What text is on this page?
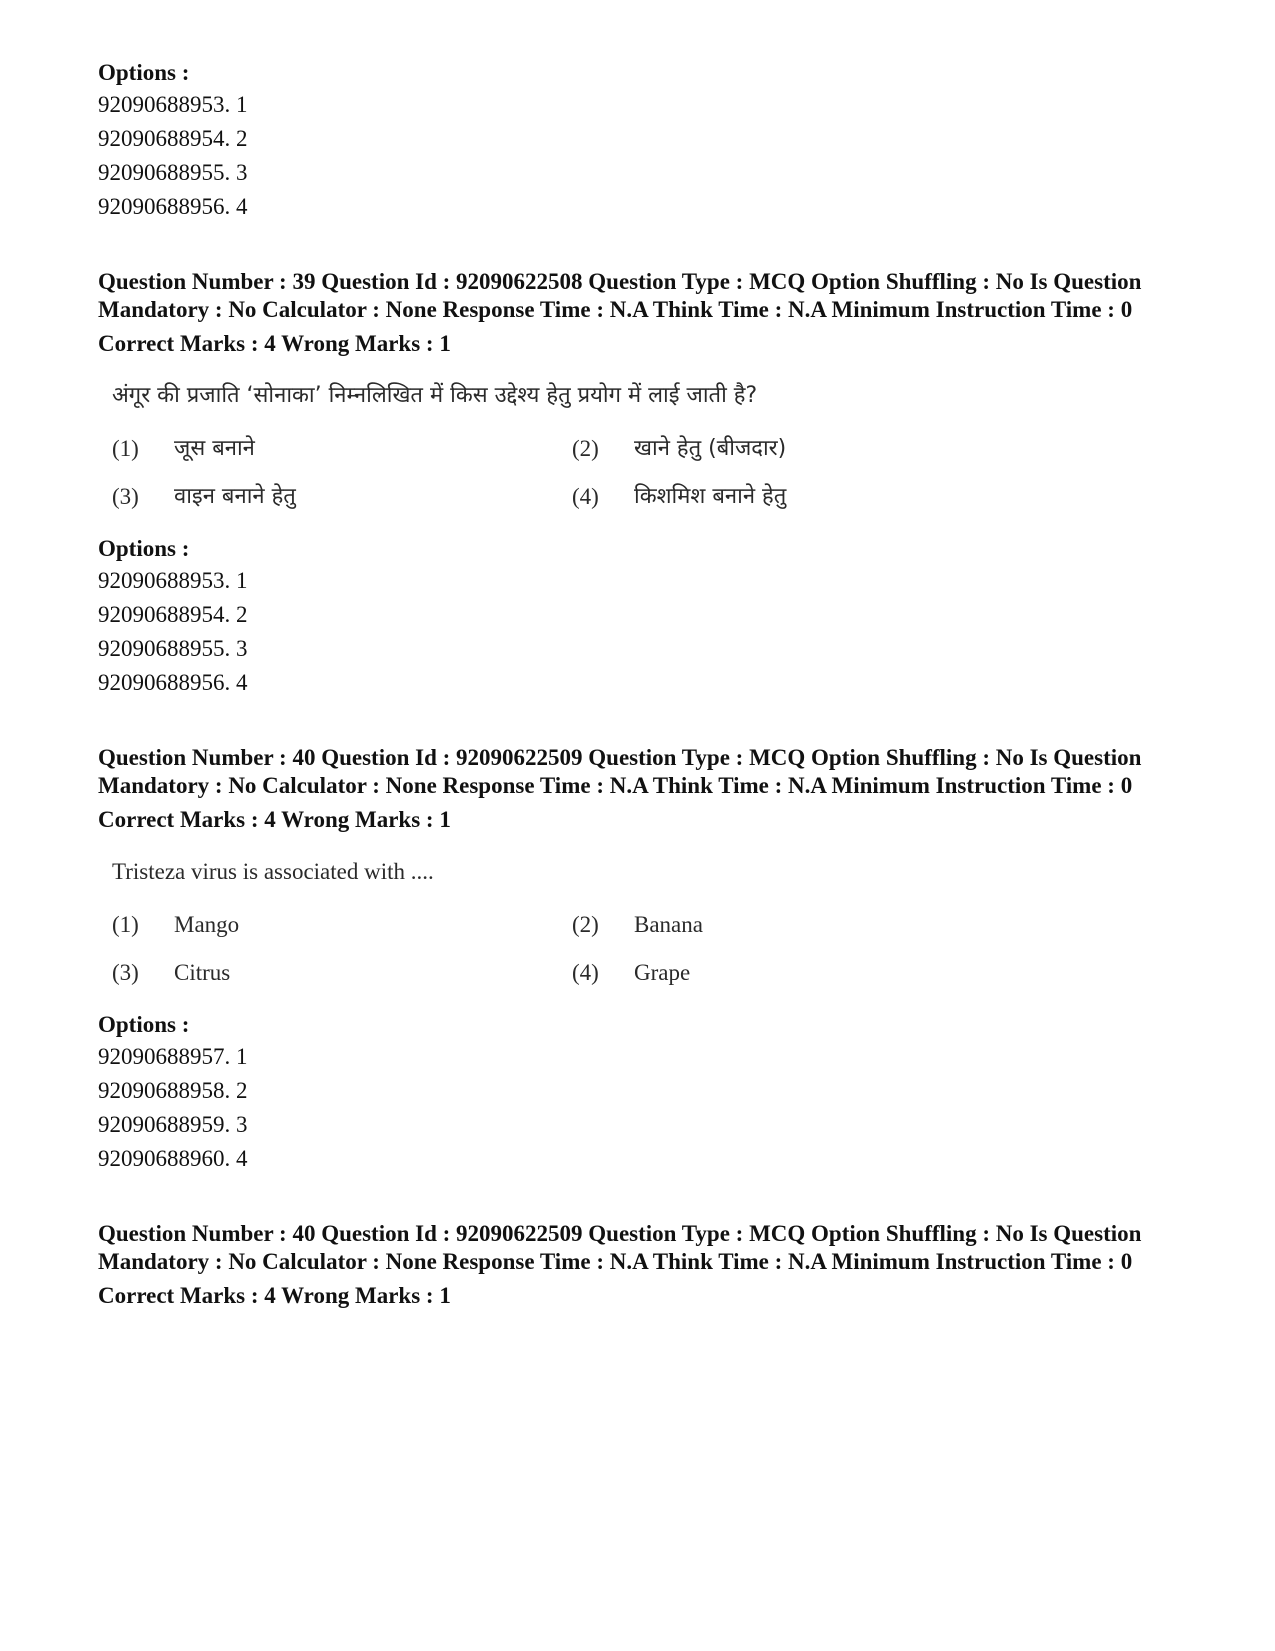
Options :

92090688953. 1

92090688954. 2

92090688955. 3

92090688956. 4

Question Number : 39 Question Id : 92090622508 Question Type : MCQ Option Shuffling : No Is Question Mandatory : No Calculator : None Response Time : N.A Think Time : N.A Minimum Instruction Time : 0

Correct Marks : 4 Wrong Marks : 1

अंगूर की प्रजाति ‘सोनाका’ निम्नलिखित में किस उद्देश्य हेतु प्रयोग में लाई जाती है?

(1)	जूस बनाने	(2)	खाने हेतु (बीजदार)
(3)	वाइन बनाने हेतु	(4)	किशमिश बनाने हेतु

Options :

92090688953. 1

92090688954. 2

92090688955. 3

92090688956. 4

Question Number : 40 Question Id : 92090622509 Question Type : MCQ Option Shuffling : No Is Question Mandatory : No Calculator : None Response Time : N.A Think Time : N.A Minimum Instruction Time : 0

Correct Marks : 4 Wrong Marks : 1

Tristeza virus is associated with ....

(1)	Mango	(2)	Banana
(3)	Citrus	(4)	Grape

Options :

92090688957. 1

92090688958. 2

92090688959. 3

92090688960. 4

Question Number : 40 Question Id : 92090622509 Question Type : MCQ Option Shuffling : No Is Question Mandatory : No Calculator : None Response Time : N.A Think Time : N.A Minimum Instruction Time : 0

Correct Marks : 4 Wrong Marks : 1
